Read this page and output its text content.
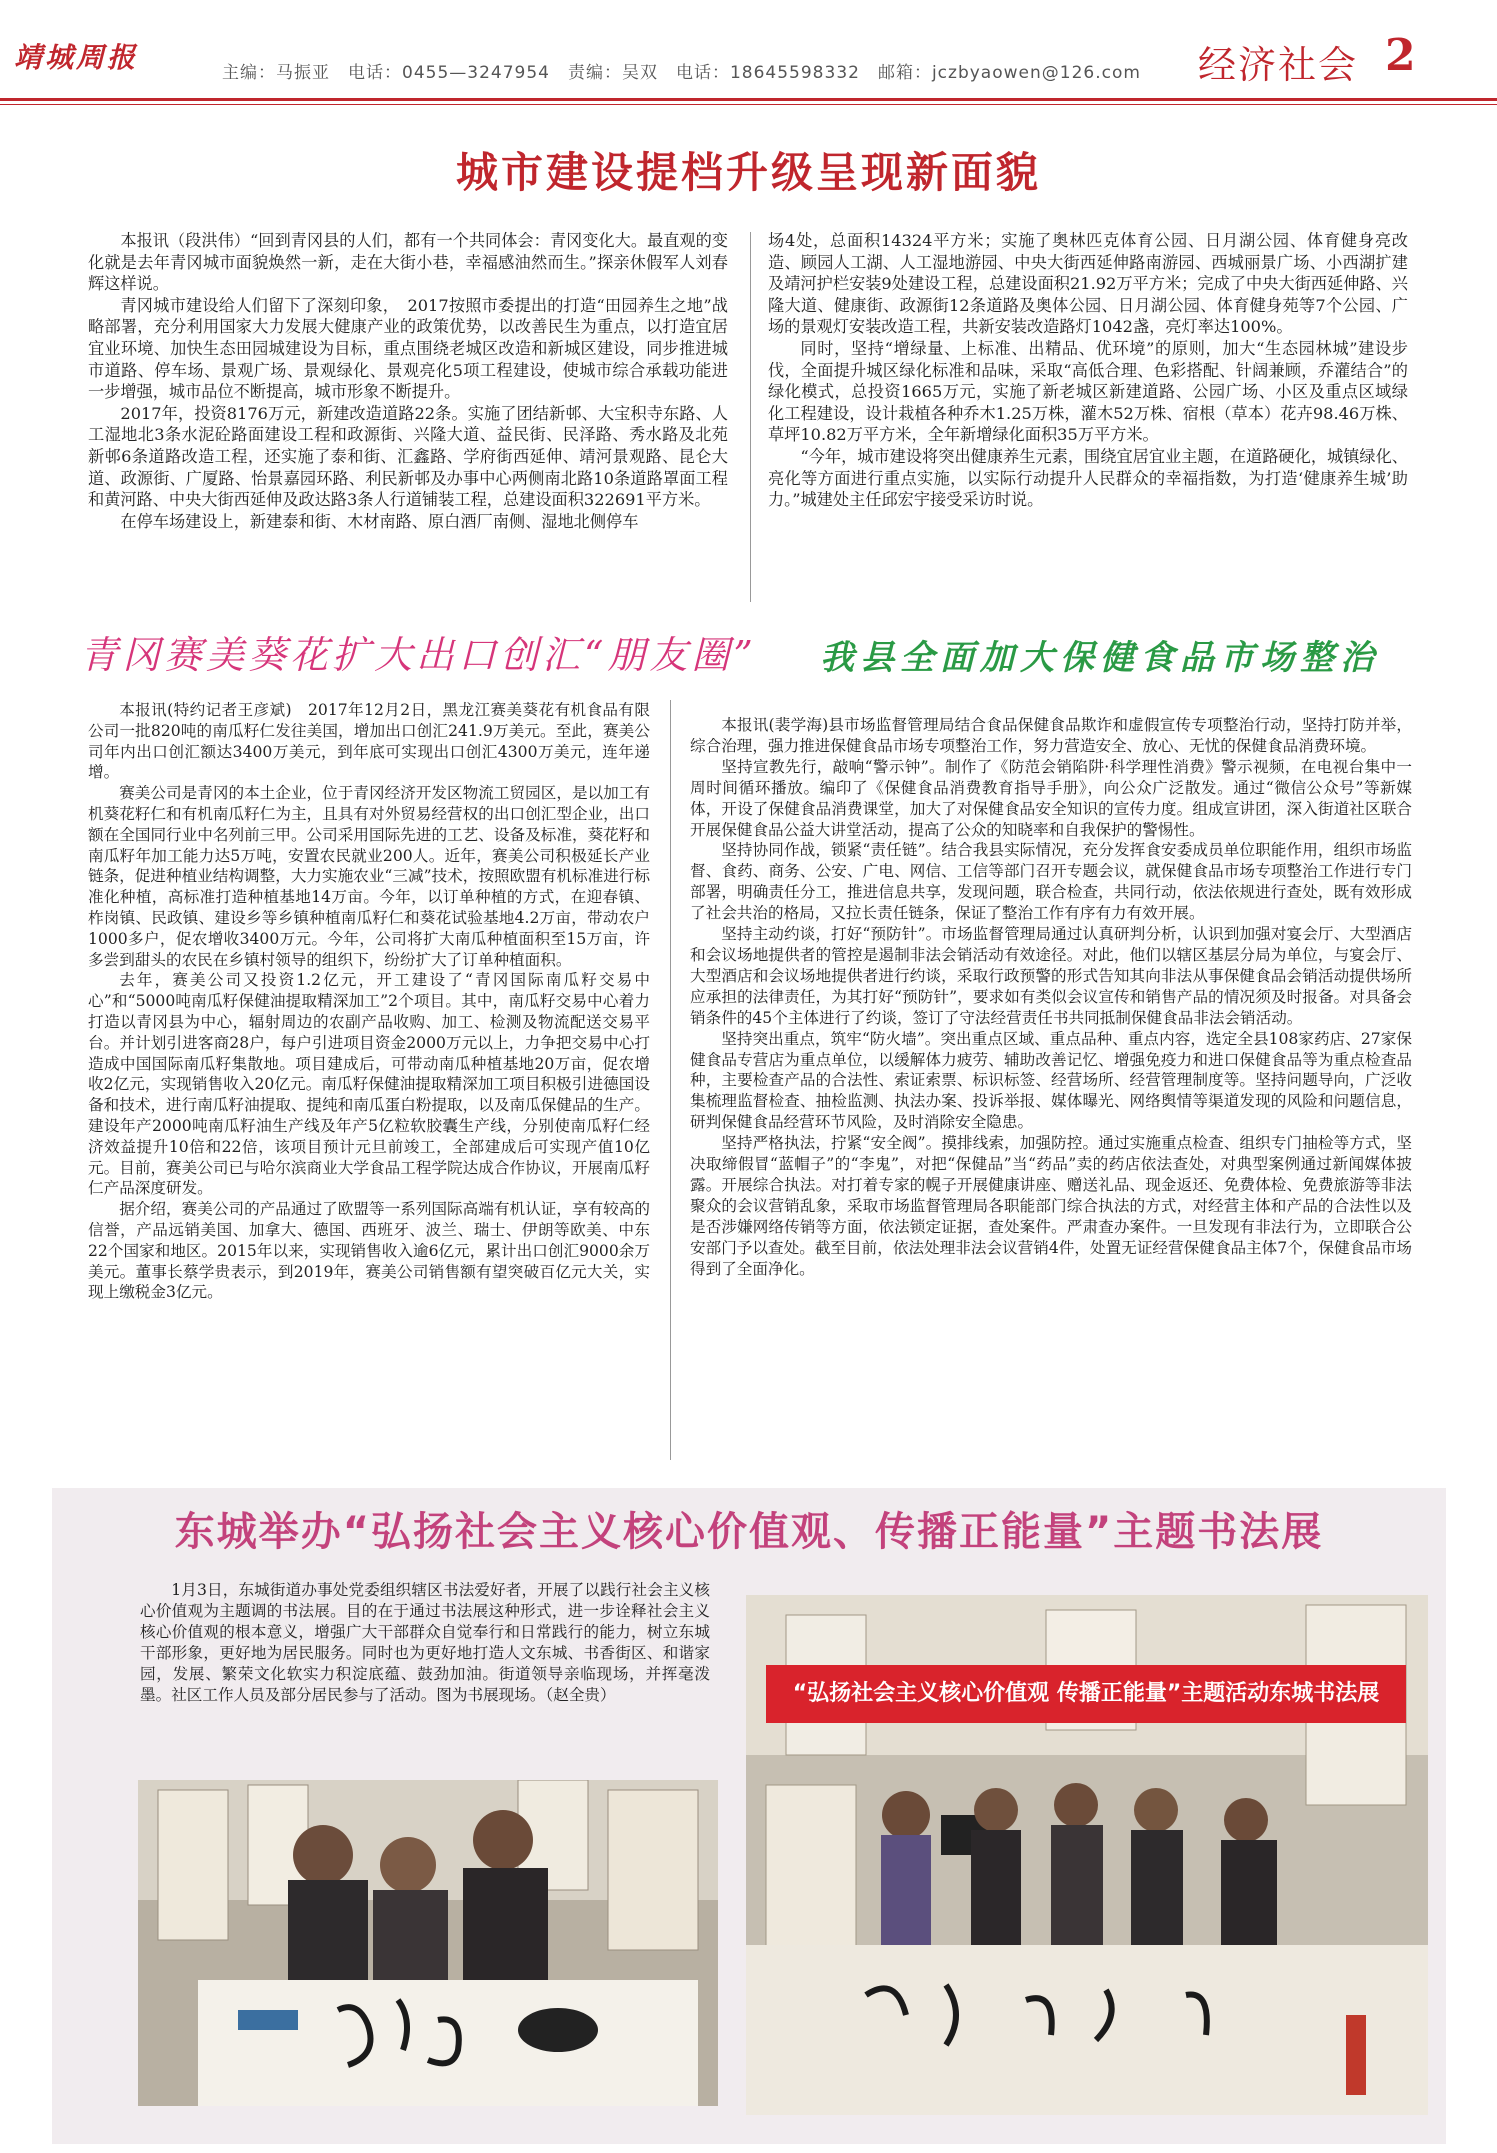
靖城周报	主编：马振亚　电话：0455—3247954　责编：吴双　电话：18645598332　邮箱：jczbyaowen@126.com 经济社会 2
城市建设提档升级呈现新面貌

本报讯（段洪伟）“回到青冈县的人们，都有一个共同体会：青冈变化大。最直观的变化就是去年青冈城市面貌焕然一新，走在大街小巷，幸福感油然而生。”探亲休假军人刘春辉这样说。

青冈城市建设给人们留下了深刻印象，　2017按照市委提出的打造“田园养生之地”战略部署，充分利用国家大力发展大健康产业的政策优势，以改善民生为重点，以打造宜居宜业环境、加快生态田园城建设为目标，重点围绕老城区改造和新城区建设，同步推进城市道路、停车场、景观广场、景观绿化、景观亮化5项工程建设，使城市综合承载功能进一步增强，城市品位不断提高，城市形象不断提升。

2017年，投资8176万元，新建改造道路22条。实施了团结新邨、大宝积寺东路、人工湿地北3条水泥砼路面建设工程和政源街、兴隆大道、益民街、民泽路、秀水路及北苑新邨6条道路改造工程，还实施了泰和街、汇鑫路、学府街西延伸、靖河景观路、昆仑大道、政源街、广厦路、怡景嘉园环路、利民新邨及办事中心两侧南北路10条道路罩面工程和黄河路、中央大街西延伸及政达路3条人行道铺装工程，总建设面积322691平方米。

在停车场建设上，新建泰和街、木材南路、原白酒厂南侧、湿地北侧停车

场4处，总面积14324平方米；实施了奥林匹克体育公园、日月湖公园、体育健身亮改造、顾园人工湖、人工湿地游园、中央大街西延伸路南游园、西城丽景广场、小西湖扩建及靖河护栏安装9处建设工程，总建设面积21.92万平方米；完成了中央大街西延伸路、兴隆大道、健康街、政源街12条道路及奥体公园、日月湖公园、体育健身苑等7个公园、广场的景观灯安装改造工程，共新安装改造路灯1042盏，亮灯率达100%。

同时，坚持“增绿量、上标准、出精品、优环境”的原则，加大“生态园林城”建设步伐，全面提升城区绿化标准和品味，采取“高低合理、色彩搭配、针阔兼顾，乔灌结合”的绿化模式，总投资1665万元，实施了新老城区新建道路、公园广场、小区及重点区域绿化工程建设，设计栽植各种乔木1.25万株，灌木52万株、宿根（草本）花卉98.46万株、草坪10.82万平方米，全年新增绿化面积35万平方米。

“今年，城市建设将突出健康养生元素，围绕宜居宜业主题，在道路硬化，城镇绿化、亮化等方面进行重点实施，以实际行动提升人民群众的幸福指数，为打造‘健康养生城’助力。”城建处主任邱宏宇接受采访时说。

青冈赛美葵花扩大出口创汇“朋友圈”

本报讯(特约记者王彦斌)　2017年12月2日，黑龙江赛美葵花有机食品有限公司一批820吨的南瓜籽仁发往美国，增加出口创汇241.9万美元。至此，赛美公司年内出口创汇额达3400万美元，到年底可实现出口创汇4300万美元，连年递增。

赛美公司是青冈的本土企业，位于青冈经济开发区物流工贸园区，是以加工有机葵花籽仁和有机南瓜籽仁为主，且具有对外贸易经营权的出口创汇型企业，出口额在全国同行业中名列前三甲。公司采用国际先进的工艺、设备及标准，葵花籽和南瓜籽年加工能力达5万吨，安置农民就业200人。近年，赛美公司积极延长产业链条，促进种植业结构调整，大力实施农业“三减”技术，按照欧盟有机标准进行标准化种植，高标准打造种植基地14万亩。今年，以订单种植的方式，在迎春镇、柞岗镇、民政镇、建设乡等乡镇种植南瓜籽仁和葵花试验基地4.2万亩，带动农户1000多户，促农增收3400万元。今年，公司将扩大南瓜种植面积至15万亩，许多尝到甜头的农民在乡镇村领导的组织下，纷纷扩大了订单种植面积。

去年，赛美公司又投资1.2亿元，开工建设了“青冈国际南瓜籽交易中心”和“5000吨南瓜籽保健油提取精深加工”2个项目。其中，南瓜籽交易中心着力打造以青冈县为中心，辐射周边的农副产品收购、加工、检测及物流配送交易平台。并计划引进客商28户，每户引进项目资金2000万元以上，力争把交易中心打造成中国国际南瓜籽集散地。项目建成后，可带动南瓜种植基地20万亩，促农增收2亿元，实现销售收入20亿元。南瓜籽保健油提取精深加工项目积极引进德国设备和技术，进行南瓜籽油提取、提纯和南瓜蛋白粉提取，以及南瓜保健品的生产。建设年产2000吨南瓜籽油生产线及年产5亿粒软胶囊生产线，分别使南瓜籽仁经济效益提升10倍和22倍，该项目预计元旦前竣工，全部建成后可实现产值10亿元。目前，赛美公司已与哈尔滨商业大学食品工程学院达成合作协议，开展南瓜籽仁产品深度研发。

据介绍，赛美公司的产品通过了欧盟等一系列国际高端有机认证，享有较高的信誉，产品远销美国、加拿大、德国、西班牙、波兰、瑞士、伊朗等欧美、中东22个国家和地区。2015年以来，实现销售收入逾6亿元，累计出口创汇9000余万美元。董事长蔡学贵表示，到2019年，赛美公司销售额有望突破百亿元大关，实现上缴税金3亿元。

我县全面加大保健食品市场整治

本报讯(裴学海)县市场监督管理局结合食品保健食品欺诈和虚假宣传专项整治行动，坚持打防并举，综合治理，强力推进保健食品市场专项整治工作，努力营造安全、放心、无忧的保健食品消费环境。

坚持宣教先行，敲响“警示钟”。制作了《防范会销陷阱·科学理性消费》警示视频，在电视台集中一周时间循环播放。编印了《保健食品消费教育指导手册》，向公众广泛散发。通过“微信公众号”等新媒体，开设了保健食品消费课堂，加大了对保健食品安全知识的宣传力度。组成宣讲团，深入街道社区联合开展保健食品公益大讲堂活动，提高了公众的知晓率和自我保护的警惕性。

坚持协同作战，锁紧“责任链”。结合我县实际情况，充分发挥食安委成员单位职能作用，组织市场监督、食药、商务、公安、广电、网信、工信等部门召开专题会议，就保健食品市场专项整治工作进行专门部署，明确责任分工，推进信息共享，发现问题，联合检查，共同行动，依法依规进行查处，既有效形成了社会共治的格局，又拉长责任链条，保证了整治工作有序有力有效开展。

坚持主动约谈，打好“预防针”。市场监督管理局通过认真研判分析，认识到加强对宴会厅、大型酒店和会议场地提供者的管控是遏制非法会销活动有效途径。对此，他们以辖区基层分局为单位，与宴会厅、大型酒店和会议场地提供者进行约谈，采取行政预警的形式告知其向非法从事保健食品会销活动提供场所应承担的法律责任，为其打好“预防针”，要求如有类似会议宣传和销售产品的情况须及时报备。对具备会销条件的45个主体进行了约谈，签订了守法经营责任书共同抵制保健食品非法会销活动。

坚持突出重点，筑牢“防火墙”。突出重点区域、重点品种、重点内容，选定全县108家药店、27家保健食品专营店为重点单位，以缓解体力疲劳、辅助改善记忆、增强免疫力和进口保健食品等为重点检查品种，主要检查产品的合法性、索证索票、标识标签、经营场所、经营管理制度等。坚持问题导向，广泛收集梳理监督检查、抽检监测、执法办案、投诉举报、媒体曝光、网络舆情等渠道发现的风险和问题信息，研判保健食品经营环节风险，及时消除安全隐患。

坚持严格执法，拧紧“安全阀”。摸排线索，加强防控。通过实施重点检查、组织专门抽检等方式，坚决取缔假冒“蓝帽子”的“李鬼”，对把“保健品”当“药品”卖的药店依法查处，对典型案例通过新闻媒体披露。开展综合执法。对打着专家的幌子开展健康讲座、赠送礼品、现金返还、免费体检、免费旅游等非法聚众的会议营销乱象，采取市场监督管理局各职能部门综合执法的方式，对经营主体和产品的合法性以及是否涉嫌网络传销等方面，依法锁定证据，查处案件。严肃查办案件。一旦发现有非法行为，立即联合公安部门予以查处。截至目前，依法处理非法会议营销4件，处置无证经营保健食品主体7个，保健食品市场得到了全面净化。

东城举办“弘扬社会主义核心价值观、传播正能量”主题书法展

1月3日，东城街道办事处党委组织辖区书法爱好者，开展了以践行社会主义核心价值观为主题调的书法展。目的在于通过书法展这种形式，进一步诠释社会主义核心价值观的根本意义，增强广大干部群众自觉奉行和日常践行的能力，树立东城干部形象，更好地为居民服务。同时也为更好地打造人文东城、书香街区、和谐家园，发展、繁荣文化软实力积淀底蕴、鼓劲加油。街道领导亲临现场，并挥毫泼墨。社区工作人员及部分居民参与了活动。图为书展现场。（赵全贵）	“弘扬社会主义核心价值观 传播正能量”主题活动东城书法展
